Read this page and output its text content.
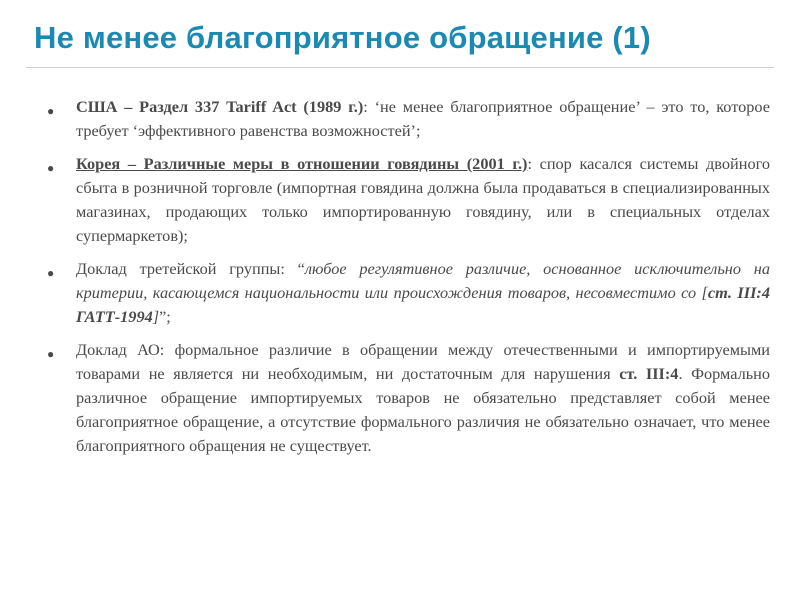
Не менее благоприятное обращение (1)
● США – Раздел 337 Tariff Act (1989 г.): ‘не менее благоприятное обращение’ – это то, которое требует ‘эффективного равенства возможностей’;
● Корея – Различные меры в отношении говядины (2001 г.): спор касался системы двойного сбыта в розничной торговле (импортная говядина должна была продаваться в специализированных магазинах, продающих только импортированную говядину, или в специальных отделах супермаркетов);
● Доклад третейской группы: “любое регулятивное различие, основанное исключительно на критерии, касающемся национальности или происхождения товаров, несовместимо со [ст. III:4 ГАТТ-1994]”;
● Доклад АО: формальное различие в обращении между отечественными и импортируемыми товарами не является ни необходимым, ни достаточным для нарушения ст. III:4. Формально различное обращение импортируемых товаров не обязательно представляет собой менее благоприятное обращение, а отсутствие формального различия не обязательно означает, что менее благоприятного обращения не существует.
